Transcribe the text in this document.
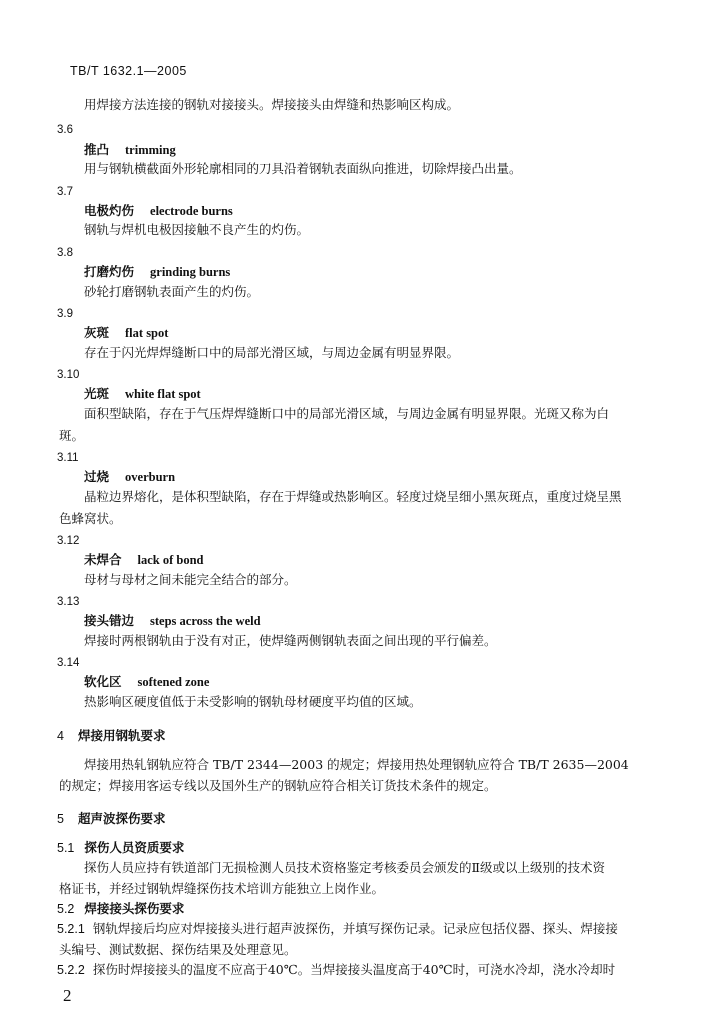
TB/T 1632.1—2005
用焊接方法连接的钢轨对接接头。焊接接头由焊缝和热影响区构成。
3.6
推凸 trimming
用与钢轨横截面外形轮廓相同的刀具沿着钢轨表面纵向推进，切除焊接凸出量。
3.7
电极灼伤 electrode burns
钢轨与焊机电极因接触不良产生的灼伤。
3.8
打磨灼伤 grinding burns
砂轮打磨钢轨表面产生的灼伤。
3.9
灰斑 flat spot
存在于闪光焊焊缝断口中的局部光滑区域，与周边金属有明显界限。
3.10
光斑 white flat spot
面积型缺陷，存在于气压焊焊缝断口中的局部光滑区域，与周边金属有明显界限。光斑又称为白
斑。
3.11
过烧 overburn
晶粒边界熔化，是体积型缺陷，存在于焊缝或热影响区。轻度过烧呈细小黑灰斑点，重度过烧呈黑
色蜂窝状。
3.12
未焊合 lack of bond
母材与母材之间未能完全结合的部分。
3.13
接头错边 steps across the weld
焊接时两根钢轨由于没有对正，使焊缝两侧钢轨表面之间出现的平行偏差。
3.14
软化区 softened zone
热影响区硬度值低于未受影响的钢轨母材硬度平均值的区域。
4 焊接用钢轨要求
焊接用热轧钢轨应符合 TB/T 2344—2003 的规定；焊接用热处理钢轨应符合 TB/T 2635—2004
的规定；焊接用客运专线以及国外生产的钢轨应符合相关订货技术条件的规定。
5 超声波探伤要求
5.1 探伤人员资质要求
探伤人员应持有铁道部门无损检测人员技术资格鉴定考核委员会颁发的Ⅱ级或以上级别的技术资
格证书，并经过钢轨焊缝探伤技术培训方能独立上岗作业。
5.2 焊接接头探伤要求
5.2.1 钢轨焊接后均应对焊接接头进行超声波探伤，并填写探伤记录。记录应包括仪器、探头、焊接接
头编号、测试数据、探伤结果及处理意见。
5.2.2 探伤时焊接接头的温度不应高于40℃。当焊接接头温度高于40℃时，可浇水冷却，浇水冷却时
2
